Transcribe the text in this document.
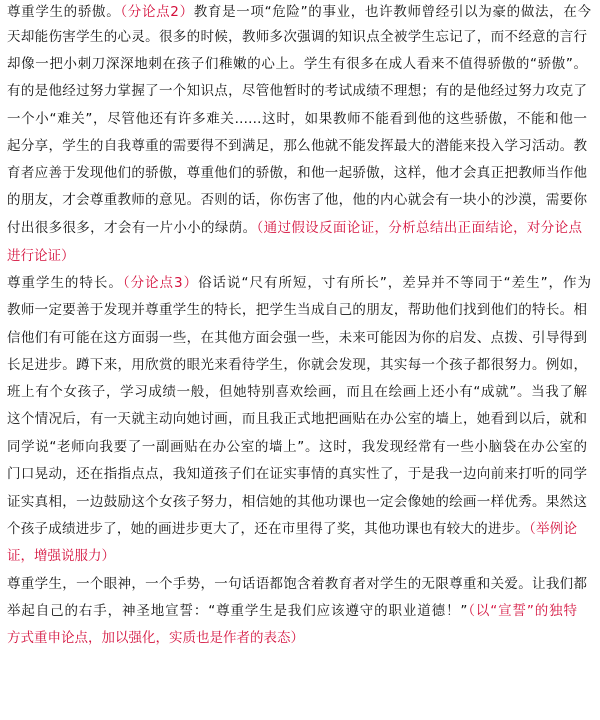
尊重学生的骄傲。（分论点2）教育是一项“危险”的事业，也许教师曾经引以为豪的做法，在今
天却能伤害学生的心灵。很多的时候，教师多次强调的知识点全被学生忘记了，而不经意的言行
却像一把小刺刀深深地刺在孩子们稚嫩的心上。学生有很多在成人看来不值得骄傲的“骄傲”。
有的是他经过努力掌握了一个知识点，尽管他暂时的考试成绩不理想；有的是他经过努力攻克了
一个小“难关”，尽管他还有许多难关……这时，如果教师不能看到他的这些骄傲，不能和他一
起分享，学生的自我尊重的需要得不到满足，那么他就不能发挥最大的潜能来投入学习活动。教
育者应善于发现他们的骄傲，尊重他们的骄傲，和他一起骄傲，这样，他才会真正把教师当作他
的朋友，才会尊重教师的意见。否则的话，你伤害了他，他的内心就会有一块小的沙漠，需要你
付出很多很多，才会有一片小小的绿荫。（通过假设反面论证，分析总结出正面结论，对分论点
进行论证）
尊重学生的特长。（分论点3）俗话说“尺有所短，寸有所长”，差异并不等同于“差生”，作为
教师一定要善于发现并尊重学生的特长，把学生当成自己的朋友，帮助他们找到他们的特长。相
信他们有可能在这方面弱一些，在其他方面会强一些，未来可能因为你的启发、点拨、引导得到
长足进步。蹲下来，用欣赏的眼光来看待学生，你就会发现，其实每一个孩子都很努力。例如，
班上有个女孩子，学习成绩一般，但她特别喜欢绘画，而且在绘画上还小有“成就”。当我了解
这个情况后，有一天就主动向她讨画，而且我正式地把画贴在办公室的墙上，她看到以后，就和
同学说“老师向我要了一副画贴在办公室的墙上”。这时，我发现经常有一些小脑袋在办公室的
门口晃动，还在指指点点，我知道孩子们在证实事情的真实性了，于是我一边向前来打听的同学
证实真相，一边鼓励这个女孩子努力，相信她的其他功课也一定会像她的绘画一样优秀。果然这
个孩子成绩进步了，她的画进步更大了，还在市里得了奖，其他功课也有较大的进步。（举例论
证，增强说服力）
尊重学生，一个眼神，一个手势，一句话语都饱含着教育者对学生的无限尊重和关爱。让我们都
举起自己的右手，神圣地宣誓：“尊重学生是我们应该遵守的职业道德！”（以“宣誓”的独特
方式重申论点，加以强化，实质也是作者的表态）
